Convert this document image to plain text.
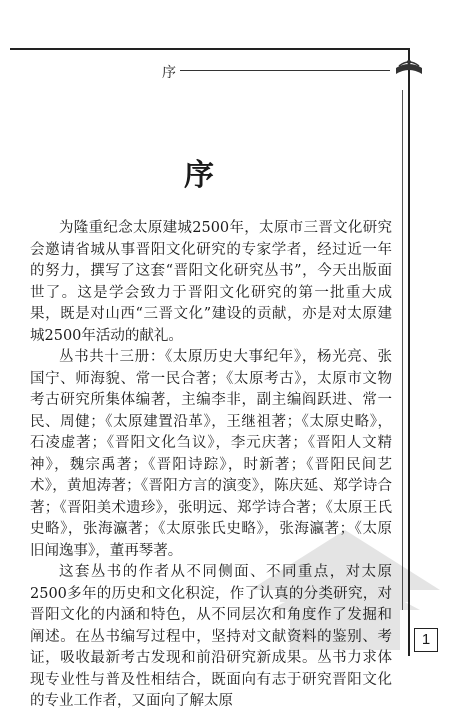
序
序

为隆重纪念太原建城2500年，太原市三晋文化研究会邀请省城从事晋阳文化研究的专家学者，经过近一年的努力，撰写了这套“晋阳文化研究丛书”，今天出版面世了。这是学会致力于晋阳文化研究的第一批重大成果，既是对山西“三晋文化”建设的贡献，亦是对太原建城2500年活动的献礼。

丛书共十三册：《太原历史大事纪年》，杨光亮、张国宁、师海貌、常一民合著；《太原考古》，太原市文物考古研究所集体编著，主编李非，副主编阎跃进、常一民、周健；《太原建置沿革》，王继祖著；《太原史略》，石凌虚著；《晋阳文化刍议》，李元庆著；《晋阳人文精神》，魏宗禹著；《晋阳诗踪》，时新著；《晋阳民间艺术》，黄旭涛著；《晋阳方言的演变》，陈庆延、郑学诗合著；《晋阳美术遗珍》，张明远、郑学诗合著；《太原王氏史略》，张海瀛著；《太原张氏史略》，张海瀛著；《太原旧闻逸事》，董再琴著。

这套丛书的作者从不同侧面、不同重点，对太原2500多年的历史和文化积淀，作了认真的分类研究，对晋阳文化的内涵和特色，从不同层次和角度作了发掘和阐述。在丛书编写过程中，坚持对文献资料的鉴别、考证，吸收最新考古发现和前沿研究新成果。丛书力求体现专业性与普及性相结合，既面向有志于研究晋阳文化的专业工作者，又面向了解太原

1
